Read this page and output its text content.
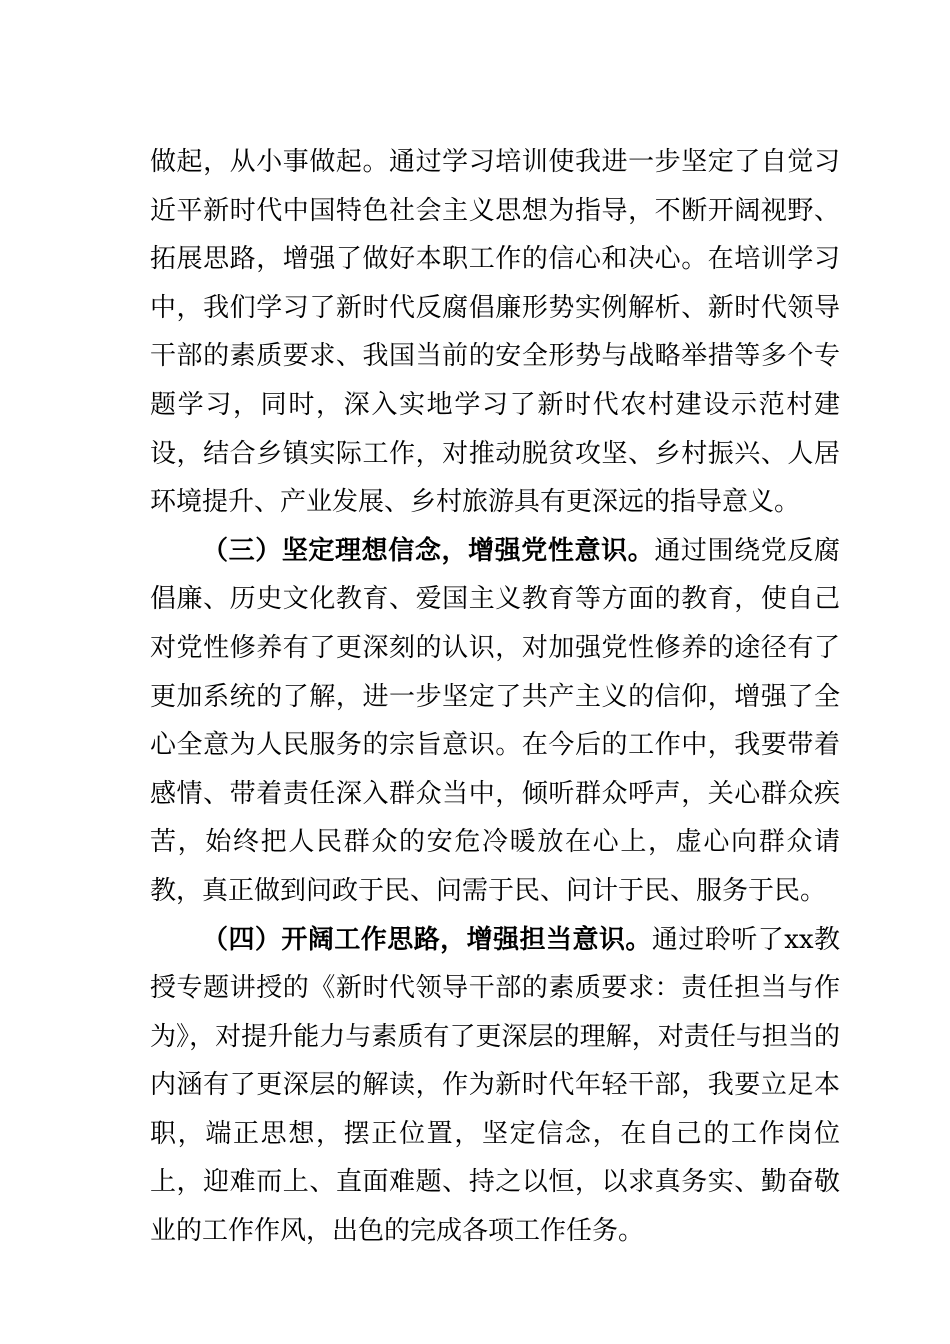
做起，从小事做起。通过学习培训使我进一步坚定了自觉习近平新时代中国特色社会主义思想为指导，不断开阔视野、拓展思路，增强了做好本职工作的信心和决心。在培训学习中，我们学习了新时代反腐倡廉形势实例解析、新时代领导干部的素质要求、我国当前的安全形势与战略举措等多个专题学习，同时，深入实地学习了新时代农村建设示范村建设，结合乡镇实际工作，对推动脱贫攻坚、乡村振兴、人居环境提升、产业发展、乡村旅游具有更深远的指导意义。

（三）坚定理想信念，增强党性意识。通过围绕党反腐倡廉、历史文化教育、爱国主义教育等方面的教育，使自己对党性修养有了更深刻的认识，对加强党性修养的途径有了更加系统的了解，进一步坚定了共产主义的信仰，增强了全心全意为人民服务的宗旨意识。在今后的工作中，我要带着感情、带着责任深入群众当中，倾听群众呼声，关心群众疾苦，始终把人民群众的安危冷暖放在心上，虚心向群众请教，真正做到问政于民、问需于民、问计于民、服务于民。

（四）开阔工作思路，增强担当意识。通过聆听了xx教授专题讲授的《新时代领导干部的素质要求：责任担当与作为》，对提升能力与素质有了更深层的理解，对责任与担当的内涵有了更深层的解读，作为新时代年轻干部，我要立足本职，端正思想，摆正位置，坚定信念，在自己的工作岗位上，迎难而上、直面难题、持之以恒，以求真务实、勤奋敬业的工作作风，出色的完成各项工作任务。
